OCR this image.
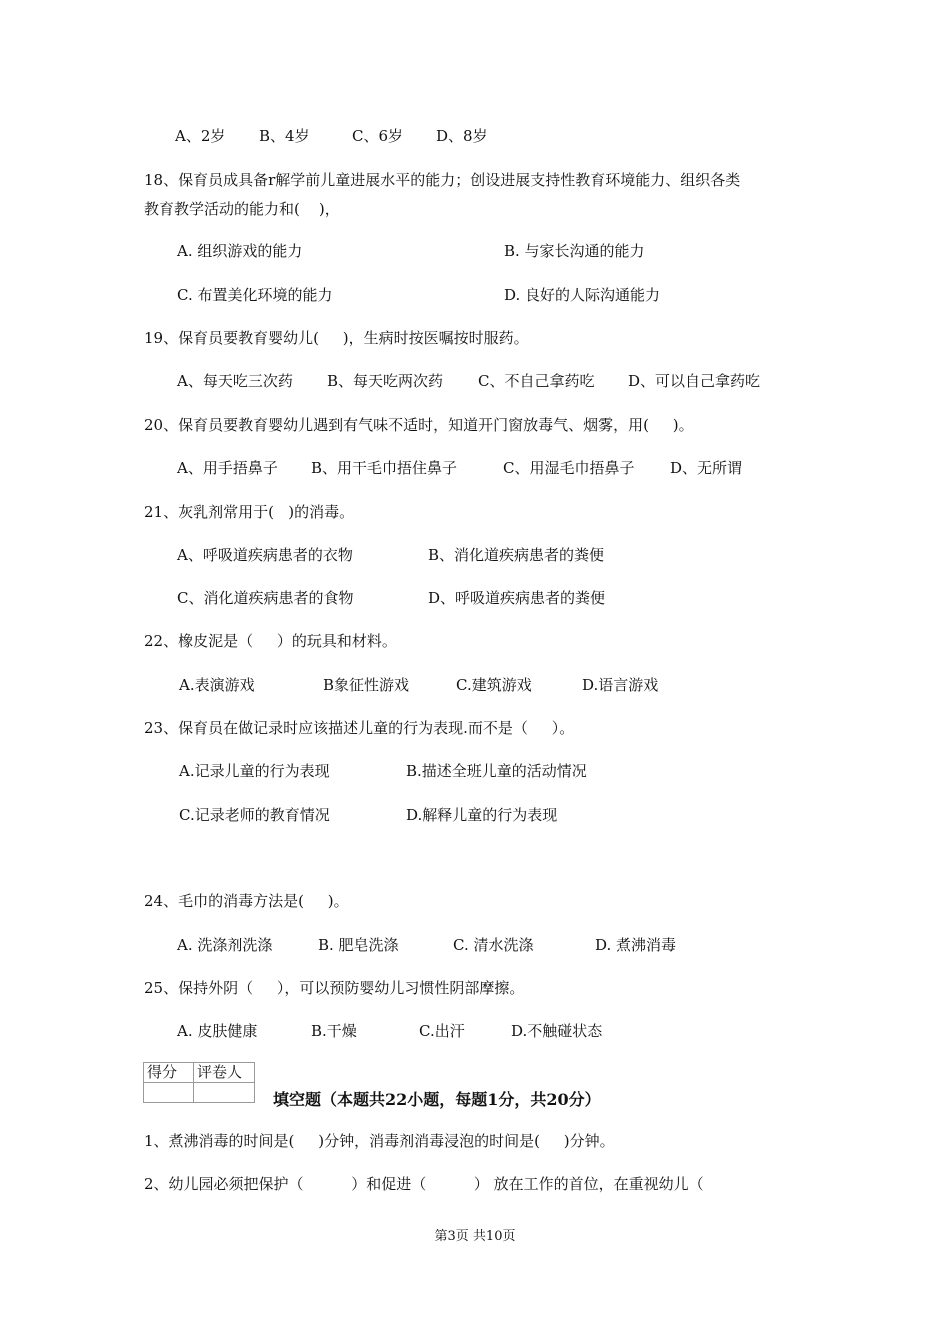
A、2岁 B、4岁	C、6岁 D、8岁
18、保育员成具备r解学前儿童进展水平的能力；创设进展支持性教育环境能力、组织各类
教育教学活动的能力和(    )，
A. 组织游戏的能力	B. 与家长沟通的能力
C. 布置美化环境的能力	D. 良好的人际沟通能力
19、保育员要教育婴幼儿(     )，生病时按医嘱按时服药。
A、每天吃三次药 B、每天吃两次药 C、不自己拿药吃 D、可以自己拿药吃
20、保育员要教育婴幼儿遇到有气味不适时，知道开门窗放毒气、烟雾，用(     )。
A、用手捂鼻子 B、用干毛巾捂住鼻子	C、用湿毛巾捂鼻子 D、无所谓
21、灰乳剂常用于(   )的消毒。
A、呼吸道疾病患者的衣物	B、消化道疾病患者的粪便
C、消化道疾病患者的食物	D、呼吸道疾病患者的粪便
22、橡皮泥是（     ）的玩具和材料。
A.表演游戏	B象征性游戏	C.建筑游戏	D.语言游戏
23、保育员在做记录时应该描述儿童的行为表现.而不是（     ）。
A.记录儿童的行为表现	B.描述全班儿童的活动情况
C.记录老师的教育情况	D.解释儿童的行为表现
24、毛巾的消毒方法是(     )。
A. 洗涤剂洗涤	B. 肥皂洗涤	C. 清水洗涤	D. 煮沸消毒
25、保持外阴（     ），可以预防婴幼儿习惯性阴部摩擦。
A. 皮肤健康	B.干燥	C.出汗	D.不触碰状态
得分	评卷人

填空题（本题共22小题，每题1分，共20分）
1、煮沸消毒的时间是(     )分钟，消毒剂消毒浸泡的时间是(     )分钟。
2、幼儿园必须把保护（          ）和促进（          ） 放在工作的首位，在重视幼儿（
第3页 共10页
